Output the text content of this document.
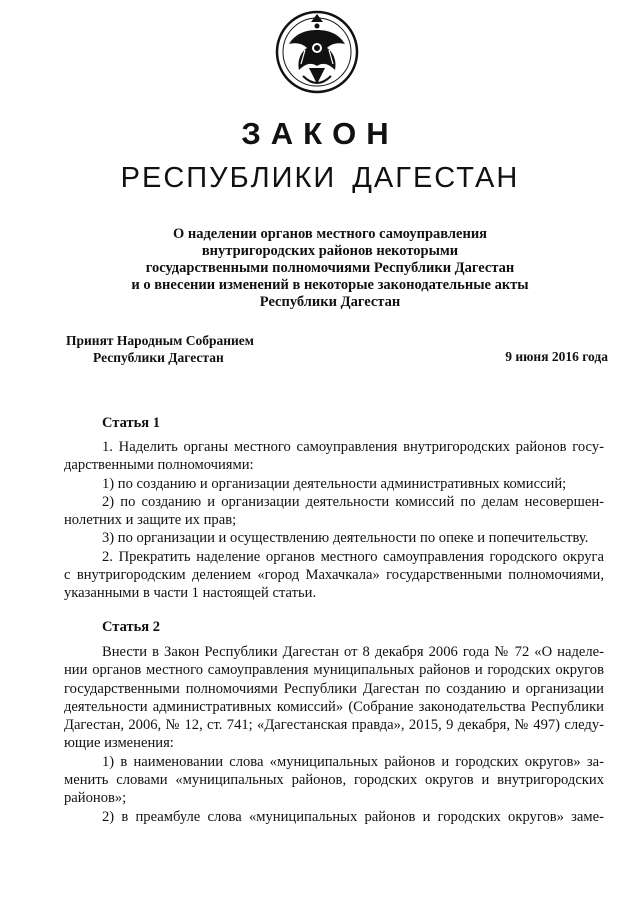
ЗАКОН
РЕСПУБЛИКИ ДАГЕСТАН
О наделении органов местного самоуправления
внутригородских районов некоторыми
государственными полномочиями Республики Дагестан
и о внесении изменений в некоторые законодательные акты
Республики Дагестан
Принят Народным Собранием
Республики Дагестан	9 июня 2016 года
Статья 1

1. Наделить органы местного самоуправления внутригородских районов госу-

дарственными полномочиями:

1) по созданию и организации деятельности административных комиссий;

2) по созданию и организации деятельности комиссий по делам несовершен-

нолетних и защите их прав;

3) по организации и осуществлению деятельности по опеке и попечительству.

2. Прекратить наделение органов местного самоуправления городского округа

с внутригородским делением «город Махачкала» государственными полномочиями,

указанными в части 1 настоящей статьи.

Статья 2

Внести в Закон Республики Дагестан от 8 декабря 2006 года № 72 «О наделе-

нии органов местного самоуправления муниципальных районов и городских округов

государственными полномочиями Республики Дагестан по созданию и организации

деятельности административных комиссий» (Собрание законодательства Республики

Дагестан, 2006, № 12, ст. 741; «Дагестанская правда», 2015, 9 декабря, № 497) следу-

ющие изменения:

1) в наименовании слова «муниципальных районов и городских округов» за-

менить словами «муниципальных районов, городских округов и внутригородских

районов»;

2) в преамбуле слова «муниципальных районов и городских округов» заме-
